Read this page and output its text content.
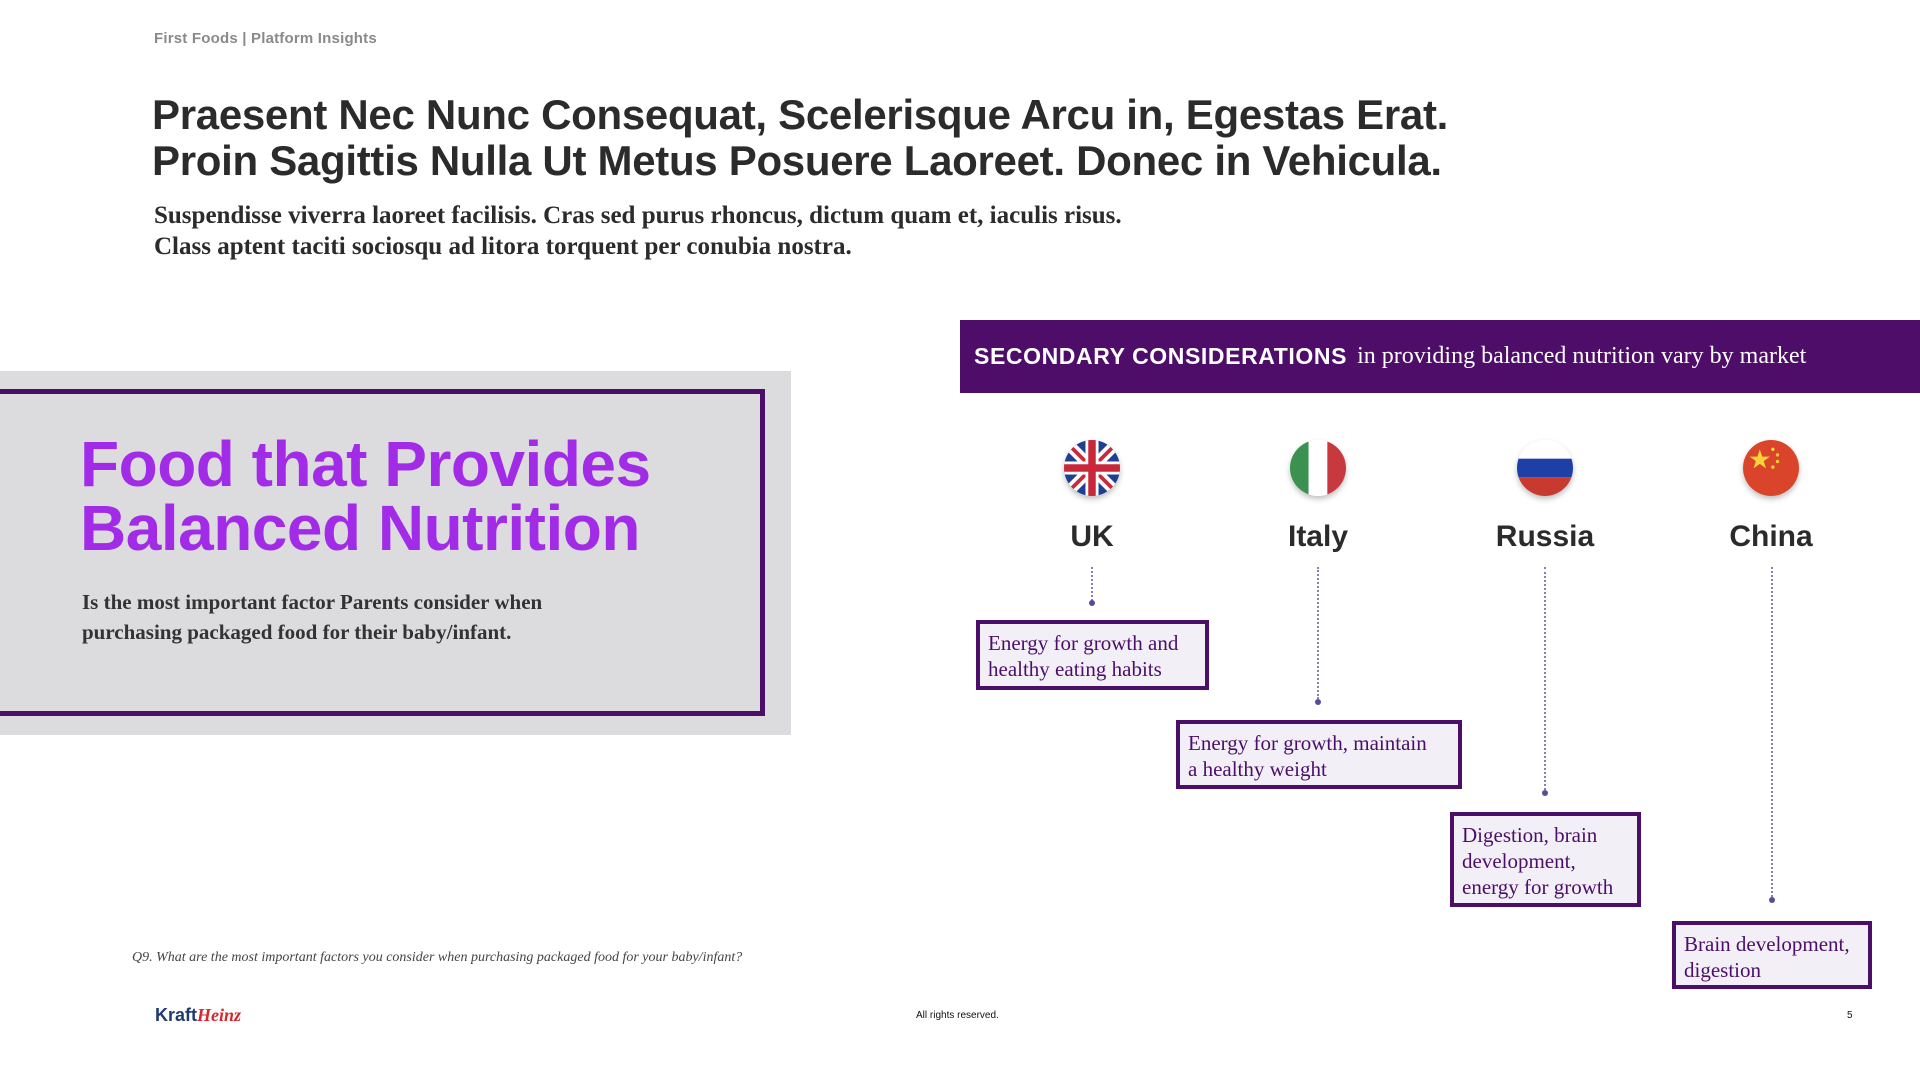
First Foods | Platform Insights
Praesent Nec Nunc Consequat, Scelerisque Arcu in, Egestas Erat.
Proin Sagittis Nulla Ut Metus Posuere Laoreet. Donec in Vehicula.
Suspendisse viverra laoreet facilisis. Cras sed purus rhoncus, dictum quam et, iaculis risus.
Class aptent taciti sociosqu ad litora torquent per conubia nostra.
Food that Provides
Balanced Nutrition
Is the most important factor Parents consider when
purchasing packaged food for their baby/infant.
SECONDARY CONSIDERATIONS in providing balanced nutrition vary by market
UK
Energy for growth and
healthy eating habits
Italy
Energy for growth, maintain
a healthy weight
Russia
Digestion, brain
development,
energy for growth
China
Brain development,
digestion
Q9. What are the most important factors you consider when purchasing packaged food for your baby/infant?
KraftHeinz	All rights reserved.	5
